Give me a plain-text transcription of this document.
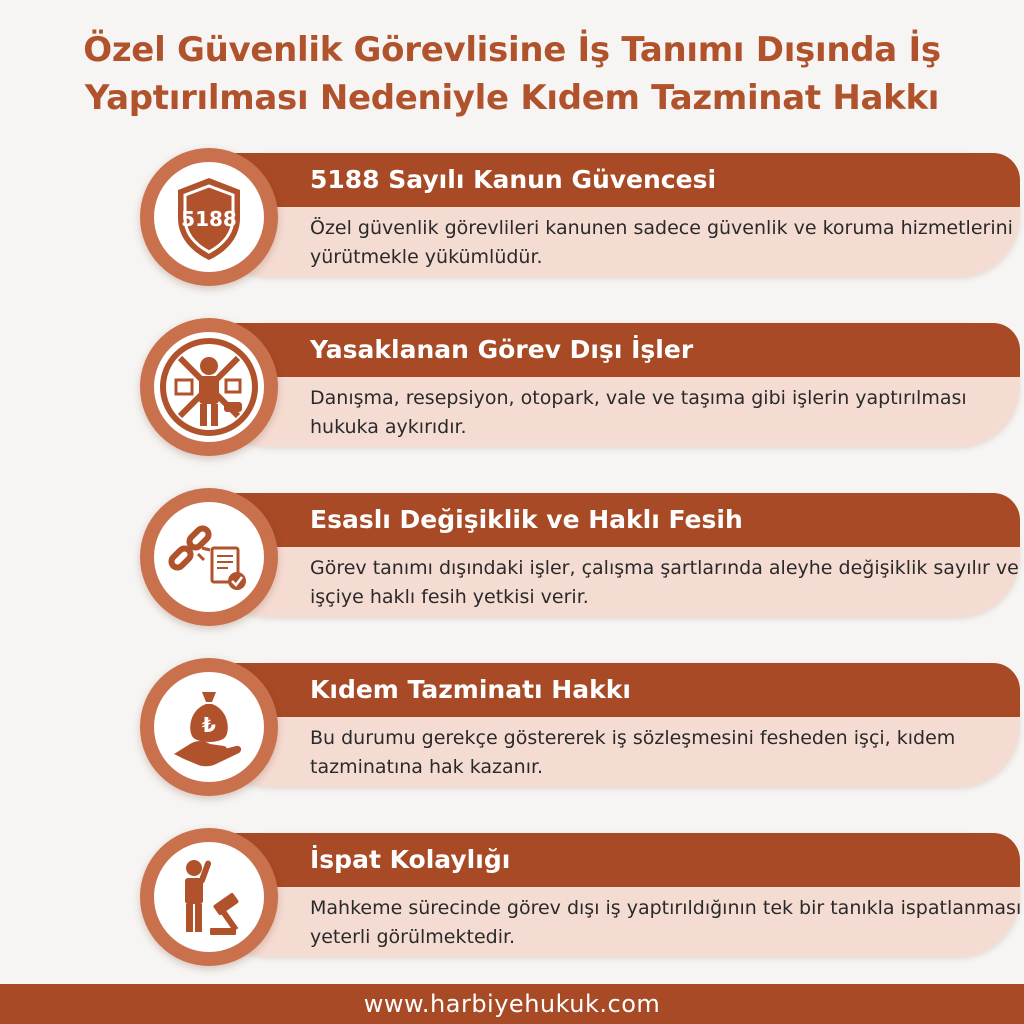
Özel Güvenlik Görevlisine İş Tanımı Dışında İş Yaptırılması Nedeniyle Kıdem Tazminat Hakkı
5188
5188 Sayılı Kanun Güvencesi
Özel güvenlik görevlileri kanunen sadece güvenlik ve koruma hizmetlerini yürütmekle yükümlüdür.
Yasaklanan Görev Dışı İşler
Danışma, resepsiyon, otopark, vale ve taşıma gibi işlerin yaptırılması hukuka aykırıdır.
Esaslı Değişiklik ve Haklı Fesih
Görev tanımı dışındaki işler, çalışma şartlarında aleyhe değişiklik sayılır ve işçiye haklı fesih yetkisi verir.
₺
Kıdem Tazminatı Hakkı
Bu durumu gerekçe göstererek iş sözleşmesini fesheden işçi, kıdem tazminatına hak kazanır.
İspat Kolaylığı
Mahkeme sürecinde görev dışı iş yaptırıldığının tek bir tanıkla ispatlanması yeterli görülmektedir.
www.harbiyehukuk.com
